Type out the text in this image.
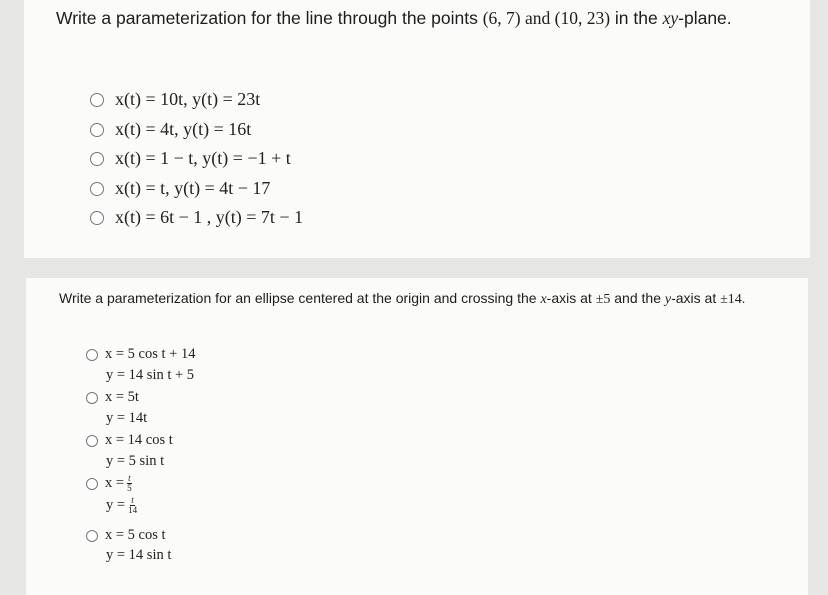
Write a parameterization for the line through the points (6, 7) and (10, 23) in the xy-plane.
x(t) = 10t, y(t) = 23t
x(t) = 4t, y(t) = 16t
x(t) = 1 − t, y(t) = −1 + t
x(t) = t, y(t) = 4t − 17
x(t) = 6t − 1 , y(t) = 7t − 1
Write a parameterization for an ellipse centered at the origin and crossing the x-axis at ±5 and the y-axis at ±14.
x = 5 cos t + 14
y = 14 sin t + 5
x = 5t
y = 14t
x = 14 cos t
y = 5 sin t
$x = \frac{t}{5}$
$y = \frac{t}{14}$
x = 5 cos t
y = 14 sin t
